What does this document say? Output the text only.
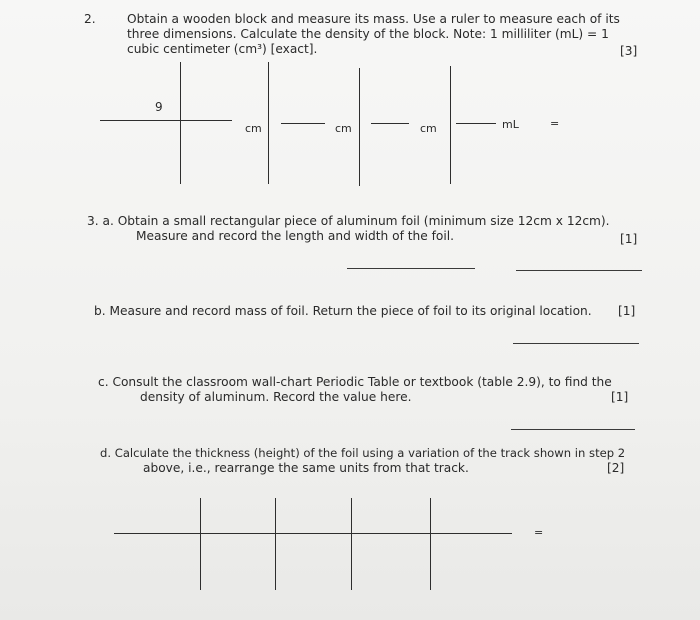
2.	Obtain a wooden block and measure its mass. Use a ruler to measure each of its
three dimensions. Calculate the density of the block. Note: 1 milliliter (mL) = 1
cubic centimeter (cm³) [exact].	[3]
9
cm	cm	cm	mL	=
3. a. Obtain a small rectangular piece of aluminum foil (minimum size 12cm x 12cm).
Measure and record the length and width of the foil.	[1]
b. Measure and record mass of foil. Return the piece of foil to its original location. [1]
c. Consult the classroom wall-chart Periodic Table or textbook (table 2.9), to find the
density of aluminum. Record the value here.	[1]
d. Calculate the thickness (height) of the foil using a variation of the track shown in step 2
above, i.e., rearrange the same units from that track.	[2]
=
